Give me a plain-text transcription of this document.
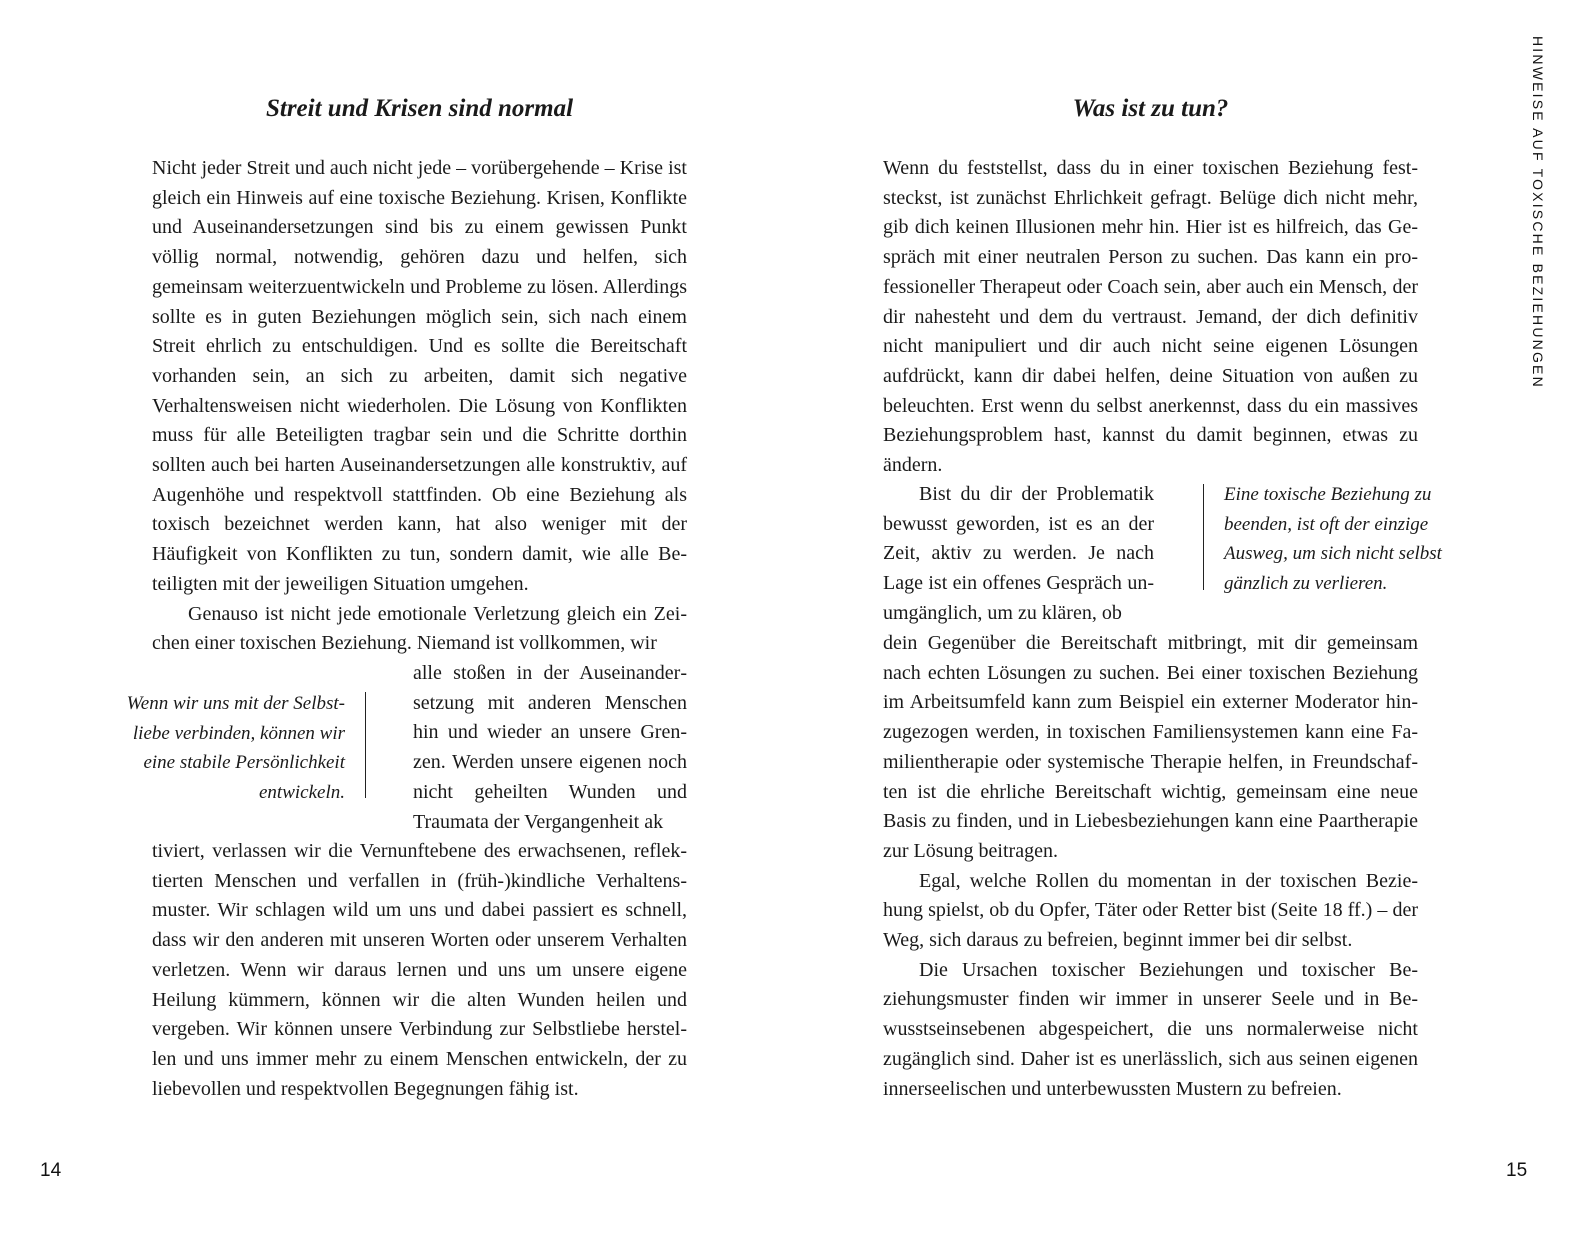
Streit und Krisen sind normal

Nicht jeder Streit und auch nicht jede – vorübergehende – Krise ist gleich ein Hinweis auf eine toxische Beziehung. Krisen, Konflikte und Auseinandersetzungen sind bis zu einem gewissen Punkt völlig normal, notwendig, gehören dazu und helfen, sich gemeinsam weiterzuentwickeln und Probleme zu lösen. Allerdings sollte es in guten Beziehungen möglich sein, sich nach einem Streit ehrlich zu entschuldigen. Und es sollte die Bereitschaft vorhanden sein, an sich zu arbeiten, damit sich negative Verhaltensweisen nicht wiederholen. Die Lösung von Konflikten muss für alle Beteiligten tragbar sein und die Schritte dorthin sollten auch bei harten Auseinandersetzungen alle konstruktiv, auf Augenhöhe und respektvoll stattfinden. Ob eine Beziehung als toxisch bezeichnet werden kann, hat also weniger mit der Häufigkeit von Konflikten zu tun, sondern damit, wie alle Beteiligten mit der jeweiligen Situation umgehen.

Genauso ist nicht jede emotionale Verletzung gleich ein Zeichen einer toxischen Beziehung. Niemand ist vollkommen, wir

alle stoßen in der Auseinandersetzung mit anderen Menschen hin und wieder an unsere Grenzen. Werden unsere eigenen noch nicht geheilten Wunden und Traumata der Vergangenheit ak
Wenn wir uns mit der Selbstliebe verbinden, können wir eine stabile Persönlichkeit entwickeln.
tiviert, verlassen wir die Vernunftebene des erwachsenen, reflektierten Menschen und verfallen in (früh-)kindliche Verhaltensmuster. Wir schlagen wild um uns und dabei passiert es schnell, dass wir den anderen mit unseren Worten oder unserem Verhalten verletzen. Wenn wir daraus lernen und uns um unsere eigene Heilung kümmern, können wir die alten Wunden heilen und vergeben. Wir können unsere Verbindung zur Selbstliebe herstellen und uns immer mehr zu einem Menschen entwickeln, der zu liebevollen und respektvollen Begegnungen fähig ist.
14
Was ist zu tun?
Wenn du feststellst, dass du in einer toxischen Beziehung feststeckst, ist zunächst Ehrlichkeit gefragt. Belüge dich nicht mehr, gib dich keinen Illusionen mehr hin. Hier ist es hilfreich, das Gespräch mit einer neutralen Person zu suchen. Das kann ein professioneller Therapeut oder Coach sein, aber auch ein Mensch, der dir nahesteht und dem du vertraust. Jemand, der dich definitiv nicht manipuliert und dir auch nicht seine eigenen Lösungen aufdrückt, kann dir dabei helfen, deine Situation von außen zu beleuchten. Erst wenn du selbst anerkennst, dass du ein massives Beziehungsproblem hast, kannst du damit beginnen, etwas zu ändern.
Bist du dir der Problematik bewusst geworden, ist es an der Zeit, aktiv zu werden. Je nach Lage ist ein offenes Gespräch unumgänglich, um zu klären, ob
Eine toxische Beziehung zu beenden, ist oft der einzige Ausweg, um sich nicht selbst gänzlich zu verlieren.

dein Gegenüber die Bereitschaft mitbringt, mit dir gemeinsam nach echten Lösungen zu suchen. Bei einer toxischen Beziehung im Arbeitsumfeld kann zum Beispiel ein externer Moderator hinzugezogen werden, in toxischen Familiensystemen kann eine Familientherapie oder systemische Therapie helfen, in Freundschaften ist die ehrliche Bereitschaft wichtig, gemeinsam eine neue Basis zu finden, und in Liebesbeziehungen kann eine Paartherapie zur Lösung beitragen.

Egal, welche Rollen du momentan in der toxischen Beziehung spielst, ob du Opfer, Täter oder Retter bist (Seite 18 ff.) – der Weg, sich daraus zu befreien, beginnt immer bei dir selbst.

Die Ursachen toxischer Beziehungen und toxischer Beziehungsmuster finden wir immer in unserer Seele und in Bewusstseinsebenen abgespeichert, die uns normalerweise nicht zugänglich sind. Daher ist es unerlässlich, sich aus seinen eigenen innerseelischen und unterbewussten Mustern zu befreien.

HINWEISE AUF TOXISCHE BEZIEHUNGEN
15
